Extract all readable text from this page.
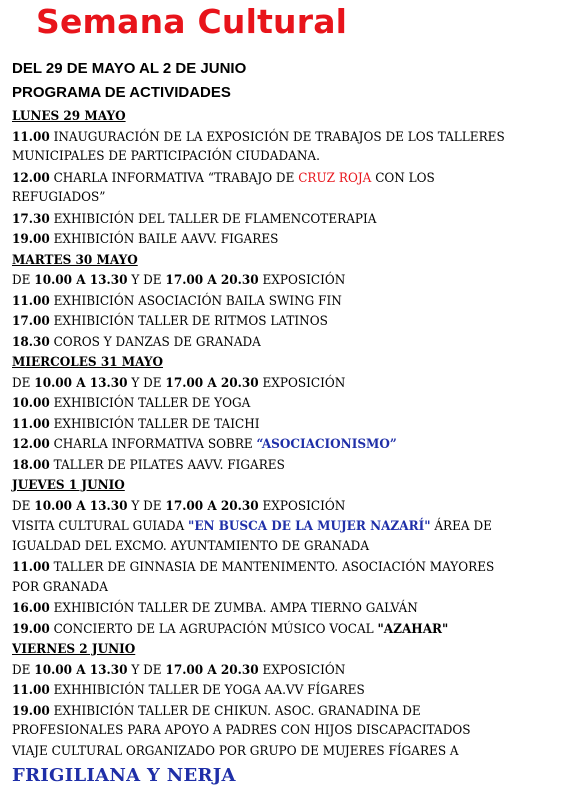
Semana Cultural
DEL 29 DE MAYO AL 2 DE JUNIO
PROGRAMA DE ACTIVIDADES
LUNES 29 MAYO
11.00 INAUGURACIÓN DE LA EXPOSICIÓN DE TRABAJOS DE LOS TALLERES
MUNICIPALES DE PARTICIPACIÓN CIUDADANA.
12.00 CHARLA INFORMATIVA “TRABAJO DE CRUZ ROJA CON LOS
REFUGIADOS”
17.30 EXHIBICIÓN DEL TALLER DE FLAMENCOTERAPIA
19.00 EXHIBICIÓN BAILE AAVV. FIGARES
MARTES 30 MAYO
DE 10.00 A 13.30 Y DE 17.00 A 20.30 EXPOSICIÓN
11.00 EXHIBICIÓN ASOCIACIÓN BAILA SWING FIN
17.00 EXHIBICIÓN TALLER DE RITMOS LATINOS
18.30 COROS Y DANZAS DE GRANADA
MIERCOLES 31 MAYO
DE 10.00 A 13.30 Y DE 17.00 A 20.30 EXPOSICIÓN
10.00 EXHIBICIÓN TALLER DE YOGA
11.00 EXHIBICIÓN TALLER DE TAICHI
12.00 CHARLA INFORMATIVA SOBRE “ASOCIACIONISMO”
18.00 TALLER DE PILATES AAVV. FIGARES
JUEVES 1 JUNIO
DE 10.00 A 13.30 Y DE 17.00 A 20.30 EXPOSICIÓN
VISITA CULTURAL GUIADA "EN BUSCA DE LA MUJER NAZARÍ" ÁREA DE
IGUALDAD DEL EXCMO. AYUNTAMIENTO DE GRANADA
11.00 TALLER DE GINNASIA DE MANTENIMENTO. ASOCIACIÓN MAYORES
POR GRANADA
16.00 EXHIBICIÓN TALLER DE ZUMBA. AMPA TIERNO GALVÁN
19.00 CONCIERTO DE LA AGRUPACIÓN MÚSICO VOCAL "AZAHAR"
VIERNES 2 JUNIO
DE 10.00 A 13.30 Y DE 17.00 A 20.30 EXPOSICIÓN
11.00 EXHHIBICIÓN TALLER DE YOGA AA.VV FÍGARES
19.00 EXHIBICIÓN TALLER DE CHIKUN. ASOC. GRANADINA DE
PROFESIONALES PARA APOYO A PADRES CON HIJOS DISCAPACITADOS
VIAJE CULTURAL ORGANIZADO POR GRUPO DE MUJERES FÍGARES A
FRIGILIANA Y NERJA
